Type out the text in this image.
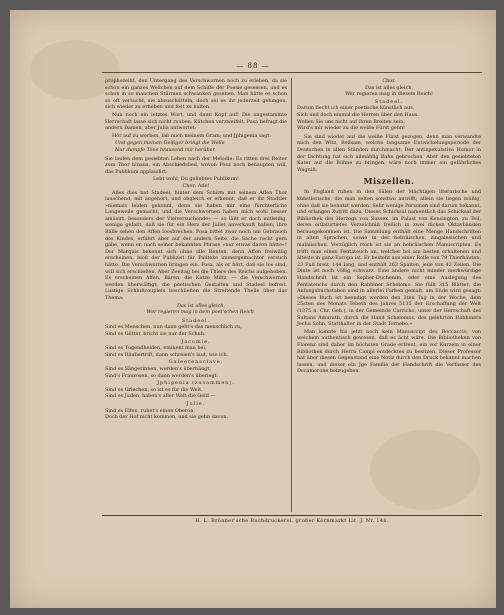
— 88 —

prophezeiht, den Untergang des Verschwornen noch zu erleben, da sie schon ein ganzes Weilchen auf dem Schiffe der Poesie gesessen, und es schon in so manchen Stürmen schwanken gesehen. Man hätte es schon so oft versucht, sie abzuschütteln, doch sei es ihr jederzeit gelungen, sich wieder zu erheben und fest zu halten.

Nun noch ein letztes Wort, und dann Kopf auf! Die angestammte Herrschaft lasse sich nicht rauben. Kätchen verzweifelt, Posa befragt die andern Damen, aber Julia antwortet:

Hör auf zu werben, laß mich meinem Gram; und Jphigenia sagt:

Und gegen meinen Geißger bringt die Welle
Nur dumpfe Töne brausend mir herüber.

Sie laufen dem gesiebten Leben nach der Melodie: Es ritten drei Reiter zum Thor hinaus, ein Abschiedslied, wovon Posa noch behaupten will, das Publikum applaudirt:

Lebt wohl, Du geliebtes Publikum!
Chor: Ade!

Alles dies hat Stadeel, hinter dem Schirm mit seinem Affen Thor lauschend, mit angehört, und obgleich er erkennt, daß er ihr Stadtler »niemals leiden gekonnt, denn sie haben mir eine fürchterliche Langeweile gemacht, und die Verschwornen haben mich wohl besser amüsirt, besonders der Vielversuchende« — so läßt er doch mitleidig, wenige gefaßt, daß sie für ein Herz der Juliet anverkauft haben, ihre Bälle sehen den Affen loosbrechen. Posa bittet zwar noch um Gebrauch des Kindes, erfährt aber auf der andern Seite, die Sache recht gern gäbe, wenn er, nach seiner bekannten Phrase »nur etwas davon hätte«! Der Marquis bekennt sich ohne alle Renten, denn Affen freiwillig erscheinen, bloß der Publizist für Paliteke immergemachter versuch hätte. Die Verschwornen bringen ein. Posa, als er hört, daß sie los sind, will sich erschießen. Aber Zeeitag bei die Thiere des Reichs aufgehoben. Es erscheinen Affen, Bären, die Katze Miltz, — die Verschwornen werden überwältigt; die poetischen Gestalten und Stadeel befreit. Lustige Schlußcouplets beschließen die Streitende Theile über das Thema:

Das ist alles gleich,
Wer regieren mag in dem poet'schen Reich.
Stadeel.
Sind es Menschen, nun dann geht's das menschlich zu,
Sind es Götter, bricht sie nur der Schuh.
Jacomie.
Sind es Tugendhelden, eminent man bei,
Sind es Räubertrift, dann schreien's laut, wie ich.
Galeerensclave.
Sind es Sängerinnen, werden's überhängt,
Sind's Franzosen, so dann werden's überlegt.
Jphigenia (zusammen).
Sind es Griechen, so ist es für die Welt,
Sind es Juden, haben's aller Welt die Geld —
Julie.
Sind es Elfen, ruhet's einen Oberon,
Doch der Hof nicht kommen, und sie gehn davon.
Chor.
Das ist alles gleich,
Wer regieren mag in diesem Reich!
Stadeel.
Darum flecht ich einer poetische künstlich aus,
Sich und doch einmal die Herren über den Haus.
Wollen Sie uns nicht auf ihren Breiten sein,
Wird's mir wieder zu die weiße Fürst gehn!

Sie sind wieder auf die weiße Fürst gezogen, denn man verwandte mich den Witz, Beilsam, welche langsame Entwickelungsperiode der Deutschen in allen Ständen durchmacht. Der antispekulative Humor in der Dichtung hat sich allmählig Bahn gebrochen. Aber den gesiebteten Kater auf die Bühne zu bringen, wäre noch immer ein gefährliches Wagniß.

Miszellen.

In England ruhen in den Sälen der Mächtigen literarische und künstlerische, die man selten sonstwo antrifft; allein sie liegen müßig, ohne daß sie benutzt werden. Sehr wenige Personen sind darum bekannt, und erlangen Zutritt dazu. Dieses Schicksal namentlich das Schicksal der Bibliothek des Herzogs von Sussex, im Palast von Kensington, zu Teil, deren eitlaturtiefes Verzeichniß freilich in zwei dicken Oktavbänden herausgekommen ist. Die Sammlung enthält eine Menge Handschriften in alten Sprachen, sowie in der hebräischen, zingalesischen und malaiischen. Vorzüglich reich ist sie an hebräischen Manuscripten. Es trifft man einen Pentateuch an, welcher bei am besten erhaltenen und älteste in ganz Europa ist. Er besteht aus einer Rolle von 79 Thierhäuten, 23 Fuß breit, 144 lang, und enthält 263 Spalten, jede von 42 Zeilen. Die Dinte ist noch völlig schwarz. Eine andere nicht minder merkwürdige Handschrift ist ein Sepher-Duchenim, oder eine Auslegung des Pentateuchs durch den Rabbiner Schelomo. Sie füllt 315 Blätter; die Anfangsbuchstaben sind in allerlei Farben gemalt, am Ende wird gesagt: »Dieses Buch ist beendigt worden den 3ten Tag in der Woche, dem 25sten des Monats Tebeth des Jahres 5135 der Erschaffung der Welt (1375 n. Chr. Geb.), in der Gemeinde Carricho, unter der Herrschaft des Sultans Amurath, durch die Hand Schelomos, des gelehrten Rabbiners Jechu Sohn, Statthalter in der Stadt Tornebo.«

Man kannte bis jetzt noch kein Manuscript des Boccaccio, von welchem authentisch gewesen, daß es ächt wäre. Die Bibliotheken von Florenz sind daher im höchsten Grade erfreut, ein vor Kurzem in einer Bibliothek durch Herrn Campi entdecktes zu besitzen. Dieser Professor hat über diesen Gegenstand eine Notiz durch den Druck bekannt machen lassen, und dieser ein Jge Familie der Handschrift die Verfasser des Decamerone beizugeben.

H. L. Brönner'sche Buchdruckerei, großer Kornmarkt Lit. J. Nr. 148.
